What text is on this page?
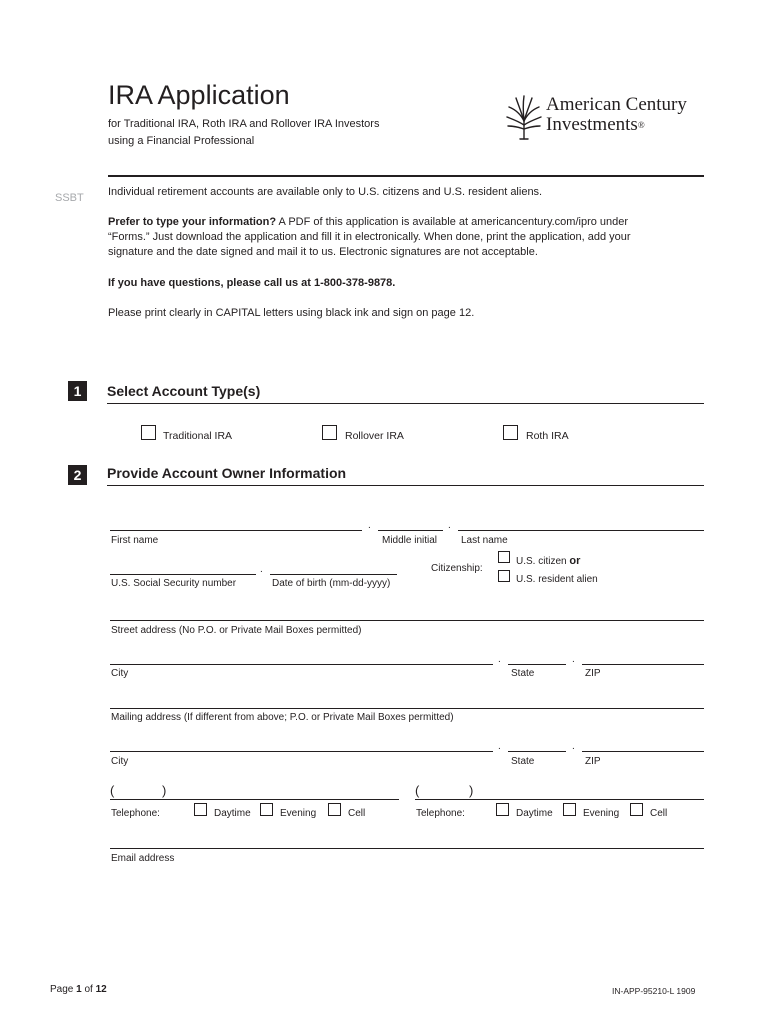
IRA Application
for Traditional IRA, Roth IRA and Rollover IRA Investors
using a Financial Professional
American Century
Investments®
SSBT Individual retirement accounts are available only to U.S. citizens and U.S. resident aliens.
Prefer to type your information? A PDF of this application is available at americancentury.com/ipro under
“Forms.” Just download the application and fill it in electronically. When done, print the application, add your
signature and the date signed and mail it to us. Electronic signatures are not acceptable.
If you have questions, please call us at 1-800-378-9878.
Please print clearly in CAPITAL letters using black ink and sign on page 12.
1	Select Account Type(s)
Traditional IRA	Rollover IRA	Roth IRA
2	Provide Account Owner Information
.	.
First name	Middle initial Last name
.
U.S. Social Security number	Date of birth (mm-dd-yyyy)
Citizenship:
U.S. citizen or
U.S. resident alien
Street address (No P.O. or Private Mail Boxes permitted)
.	.
City	State	ZIP
Mailing address (If different from above; P.O. or Private Mail Boxes permitted)
.	.
City	State	ZIP
(	)	(	)
Telephone:	Daytime	Evening	Cell	Telephone:	Daytime	Evening	Cell
Email address
Page 1 of 12	IN-APP-95210-L 1909
